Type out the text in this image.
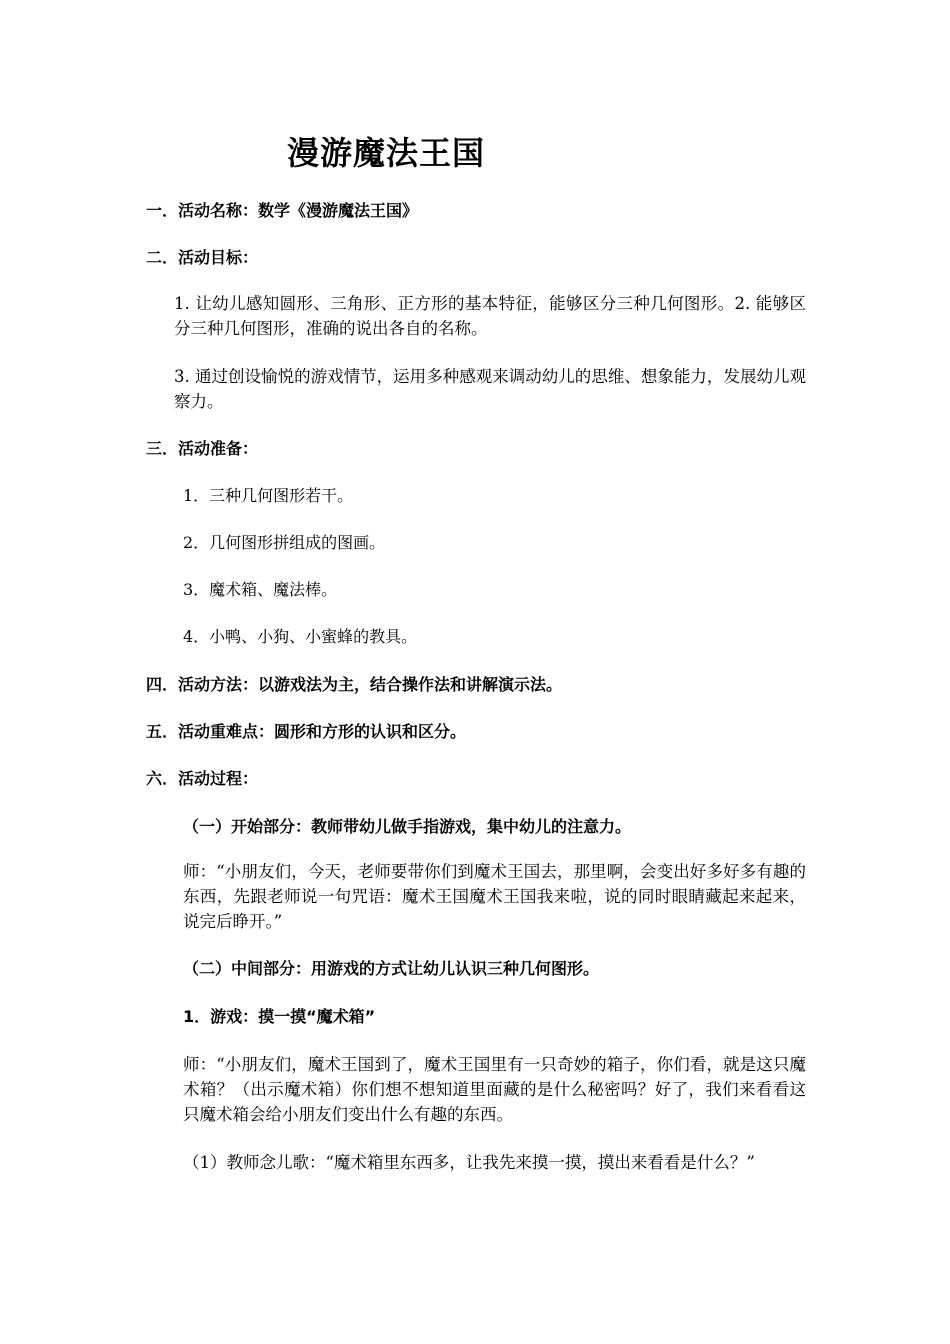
漫游魔法王国
一．活动名称：数学《漫游魔法王国》
二．活动目标：
1. 让幼儿感知圆形、三角形、正方形的基本特征，能够区分三种几何图形。2. 能够区分三种几何图形，准确的说出各自的名称。
3. 通过创设愉悦的游戏情节，运用多种感观来调动幼儿的思维、想象能力，发展幼儿观察力。
三．活动准备：
1．三种几何图形若干。
2．几何图形拼组成的图画。
3．魔术箱、魔法棒。
4．小鸭、小狗、小蜜蜂的教具。
四．活动方法：以游戏法为主，结合操作法和讲解演示法。
五．活动重难点：圆形和方形的认识和区分。
六．活动过程：
（一）开始部分：教师带幼儿做手指游戏，集中幼儿的注意力。
师：“小朋友们，今天，老师要带你们到魔术王国去，那里啊，会变出好多好多有趣的东西，先跟老师说一句咒语：魔术王国魔术王国我来啦，说的同时眼睛藏起来起来，说完后睁开。”
（二）中间部分：用游戏的方式让幼儿认识三种几何图形。
1．游戏：摸一摸“魔术箱”
师：“小朋友们，魔术王国到了，魔术王国里有一只奇妙的箱子，你们看，就是这只魔术箱？（出示魔术箱）你们想不想知道里面藏的是什么秘密吗？好了，我们来看看这只魔术箱会给小朋友们变出什么有趣的东西。
（1）教师念儿歌：“魔术箱里东西多，让我先来摸一摸，摸出来看看是什么？”
